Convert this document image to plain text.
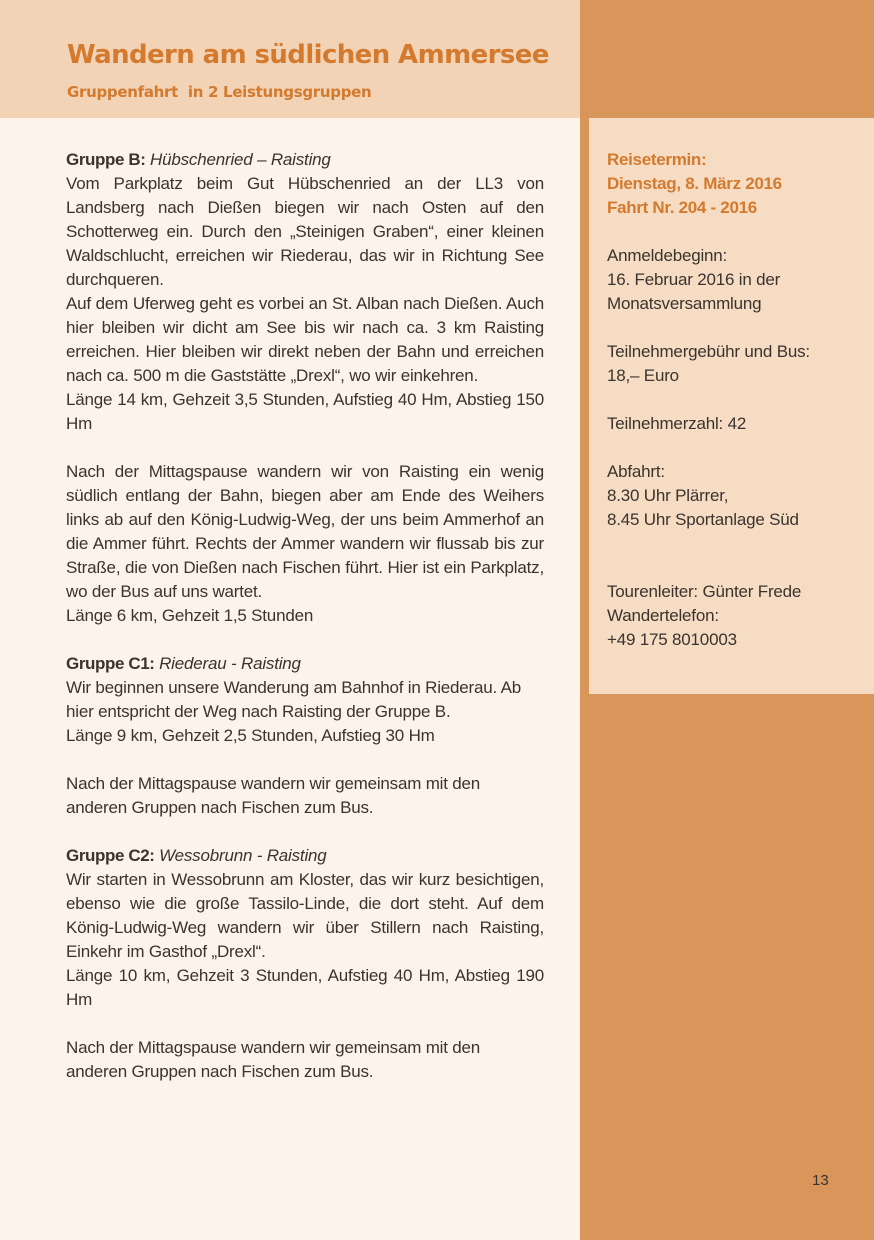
Wandern am südlichen Ammersee
Gruppenfahrt  in 2 Leistungsgruppen
Gruppe B: Hübschenried – Raisting

Vom Parkplatz beim Gut Hübschenried an der LL3 von Landsberg nach Dießen biegen wir nach Osten auf den Schotterweg ein. Durch den „Steinigen Graben“, einer kleinen Waldschlucht, erreichen wir Riederau, das wir in Richtung See durchqueren.

Auf dem Uferweg geht es vorbei an St. Alban nach Dießen. Auch hier bleiben wir dicht am See bis wir nach ca. 3 km Raisting erreichen. Hier bleiben wir direkt neben der Bahn und erreichen nach ca. 500 m die Gaststätte „Drexl“, wo wir einkehren.

Länge 14 km, Gehzeit 3,5 Stunden, Aufstieg 40 Hm, Abstieg 150 Hm

Nach der Mittagspause wandern wir von Raisting ein wenig südlich entlang der Bahn, biegen aber am Ende des Weihers links ab auf den König-Ludwig-Weg, der uns beim Ammerhof an die Ammer führt. Rechts der Ammer wandern wir flussab bis zur Straße, die von Dießen nach Fischen führt. Hier ist ein Parkplatz, wo der Bus auf uns wartet.

Länge 6 km, Gehzeit 1,5 Stunden

Gruppe C1: Riederau - Raisting

Wir beginnen unsere Wanderung am Bahnhof in Riederau. Ab hier entspricht der Weg nach Raisting der Gruppe B.

Länge 9 km, Gehzeit 2,5 Stunden, Aufstieg 30 Hm

Nach der Mittagspause wandern wir gemeinsam mit den anderen Gruppen nach Fischen zum Bus.

Gruppe C2: Wessobrunn - Raisting

Wir starten in Wessobrunn am Kloster, das wir kurz besichtigen, ebenso wie die große Tassilo-Linde, die dort steht. Auf dem König-Ludwig-Weg wandern wir über Stillern nach Raisting, Einkehr im Gasthof „Drexl“.

Länge 10 km, Gehzeit 3 Stunden, Aufstieg 40 Hm, Abstieg 190 Hm

Nach der Mittagspause wandern wir gemeinsam mit den anderen Gruppen nach Fischen zum Bus.

Reisetermin:
Dienstag, 8. März 2016
Fahrt Nr. 204 - 2016
Anmeldebeginn:
16. Februar 2016 in der
Monatsversammlung
Teilnehmergebühr und Bus:
18,– Euro
Teilnehmerzahl: 42
Abfahrt:
8.30 Uhr Plärrer,
8.45 Uhr Sportanlage Süd
Tourenleiter: Günter Frede
Wandertelefon:
+49 175 8010003
13
